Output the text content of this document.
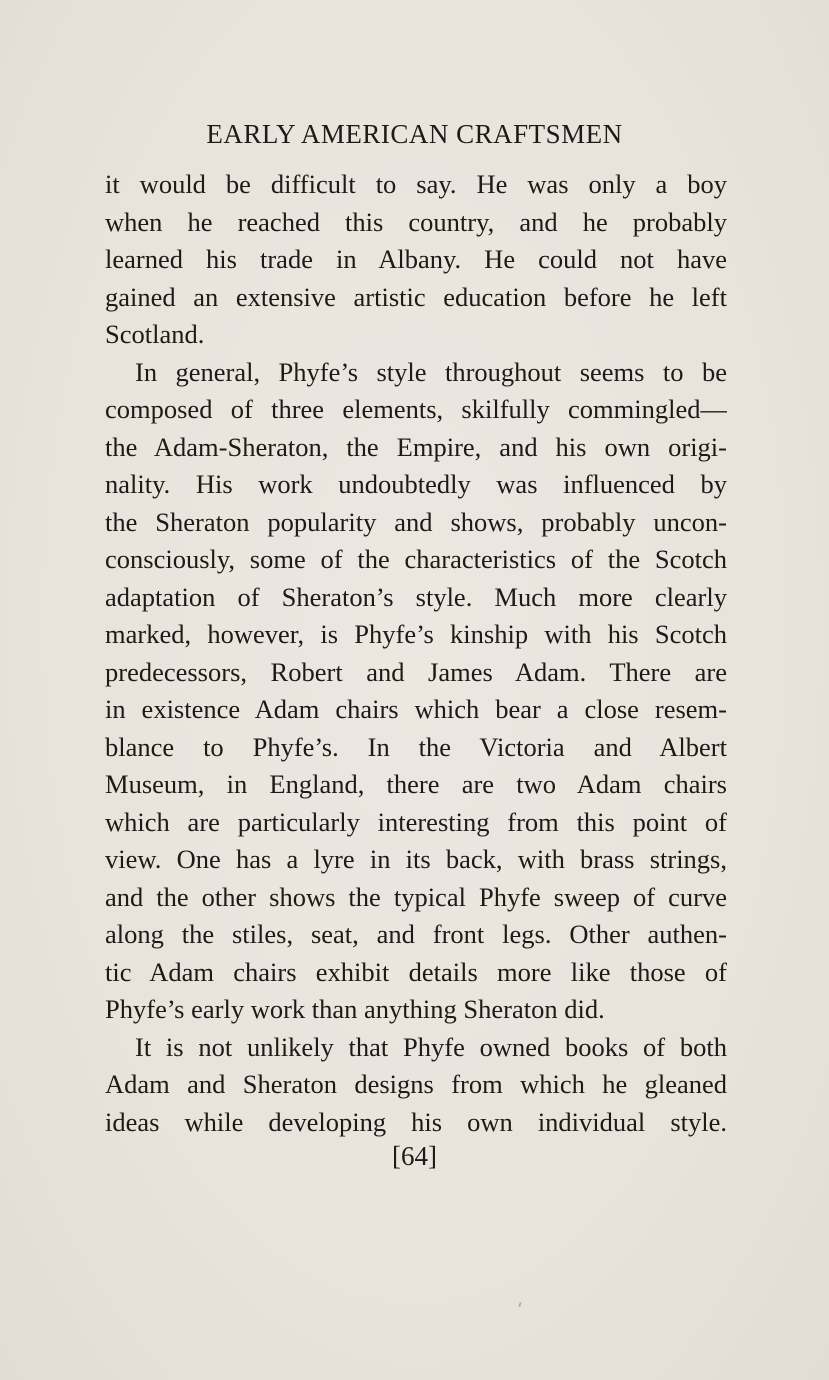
EARLY AMERICAN CRAFTSMEN
it would be difficult to say. He was only a boy
when he reached this country, and he probably
learned his trade in Albany. He could not have
gained an extensive artistic education before he left
Scotland.
In general, Phyfe’s style throughout seems to be
composed of three elements, skilfully commingled—
the Adam-Sheraton, the Empire, and his own origi-
nality. His work undoubtedly was influenced by
the Sheraton popularity and shows, probably uncon-
consciously, some of the characteristics of the Scotch
adaptation of Sheraton’s style. Much more clearly
marked, however, is Phyfe’s kinship with his Scotch
predecessors, Robert and James Adam. There are
in existence Adam chairs which bear a close resem-
blance to Phyfe’s. In the Victoria and Albert
Museum, in England, there are two Adam chairs
which are particularly interesting from this point of
view. One has a lyre in its back, with brass strings,
and the other shows the typical Phyfe sweep of curve
along the stiles, seat, and front legs. Other authen-
tic Adam chairs exhibit details more like those of
Phyfe’s early work than anything Sheraton did.
It is not unlikely that Phyfe owned books of both
Adam and Sheraton designs from which he gleaned
ideas while developing his own individual style.
[64]
